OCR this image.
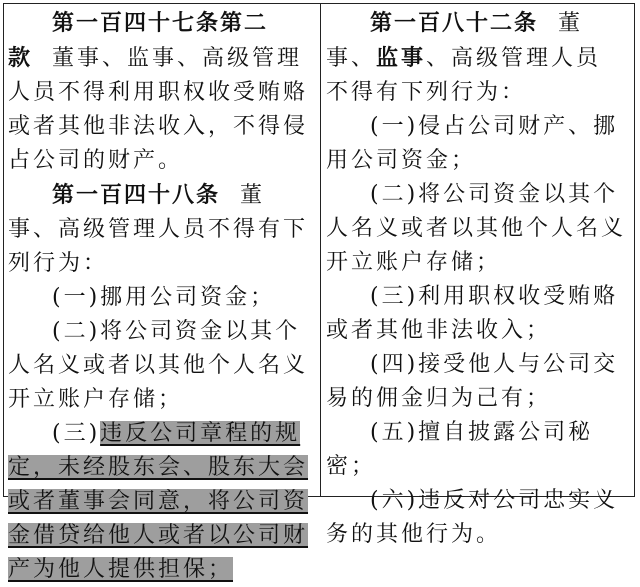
第一百四十七条第二款 董事、监事、高级管理人员不得利用职权收受贿赂或者其他非法收入，不得侵占公司的财产。

第一百四十八条 董事、高级管理人员不得有下列行为：

(一)挪用公司资金；

(二)将公司资金以其个人名义或者以其他个人名义开立账户存储；

(三)违反公司章程的规定，未经股东会、股东大会或者董事会同意，将公司资金借贷给他人或者以公司财产为他人提供担保；

第一百八十二条 董事、监事、高级管理人员不得有下列行为：

(一)侵占公司财产、挪用公司资金；

(二)将公司资金以其个人名义或者以其他个人名义开立账户存储；

(三)利用职权收受贿赂或者其他非法收入；

(四)接受他人与公司交易的佣金归为己有；

(五)擅自披露公司秘密；

(六)违反对公司忠实义务的其他行为。
